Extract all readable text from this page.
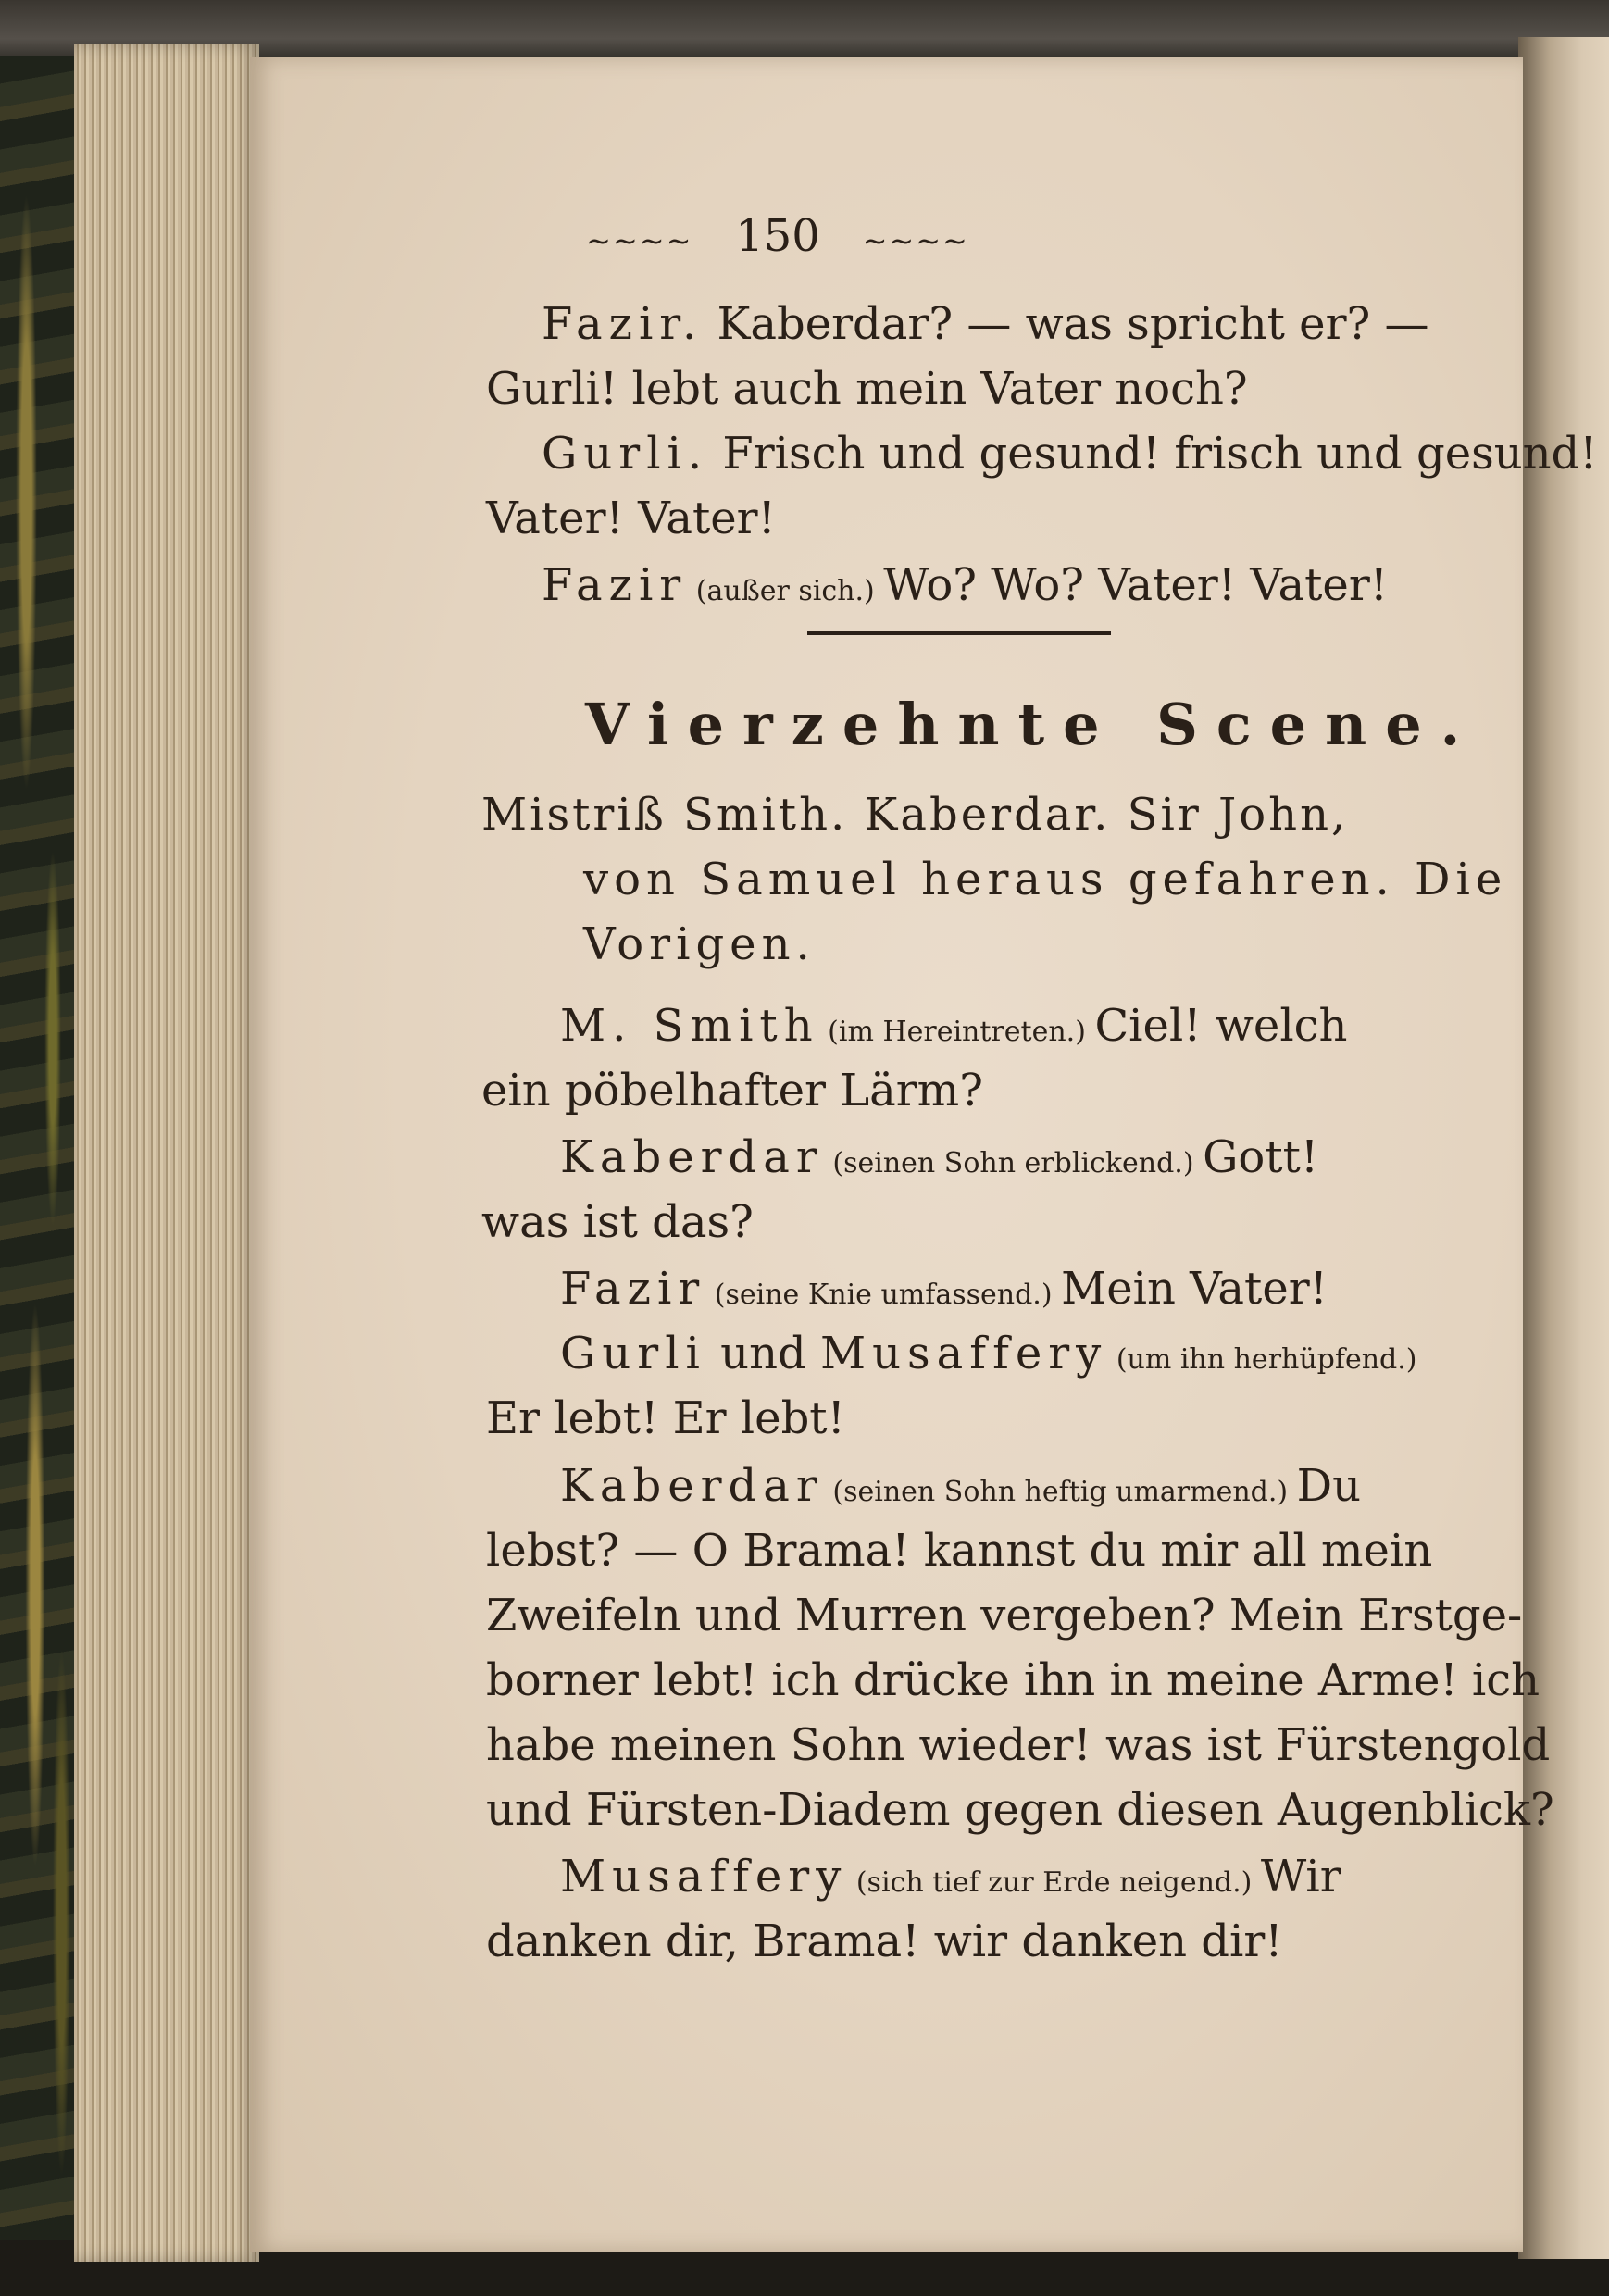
~~~~ 150 ~~~~
Fazir. Kaberdar? — was spricht er? —
Gurli! lebt auch mein Vater noch?
Gurli. Frisch und gesund! frisch und gesund!
Vater! Vater!
Fazir (außer sich.) Wo? Wo? Vater! Vater!
Vierzehnte Scene.
Mistriß Smith. Kaberdar. Sir John,
von Samuel heraus gefahren. Die
Vorigen.
M. Smith (im Hereintreten.) Ciel! welch
ein pöbelhafter Lärm?
Kaberdar (seinen Sohn erblickend.) Gott!
was ist das?
Fazir (seine Knie umfassend.) Mein Vater!
Gurli und Musaffery (um ihn herhüpfend.)
Er lebt! Er lebt!
Kaberdar (seinen Sohn heftig umarmend.) Du
lebst? — O Brama! kannst du mir all mein
Zweifeln und Murren vergeben? Mein Erstge-
borner lebt! ich drücke ihn in meine Arme! ich
habe meinen Sohn wieder! was ist Fürstengold
und Fürsten-Diadem gegen diesen Augenblick?
Musaffery (sich tief zur Erde neigend.) Wir
danken dir, Brama! wir danken dir!
